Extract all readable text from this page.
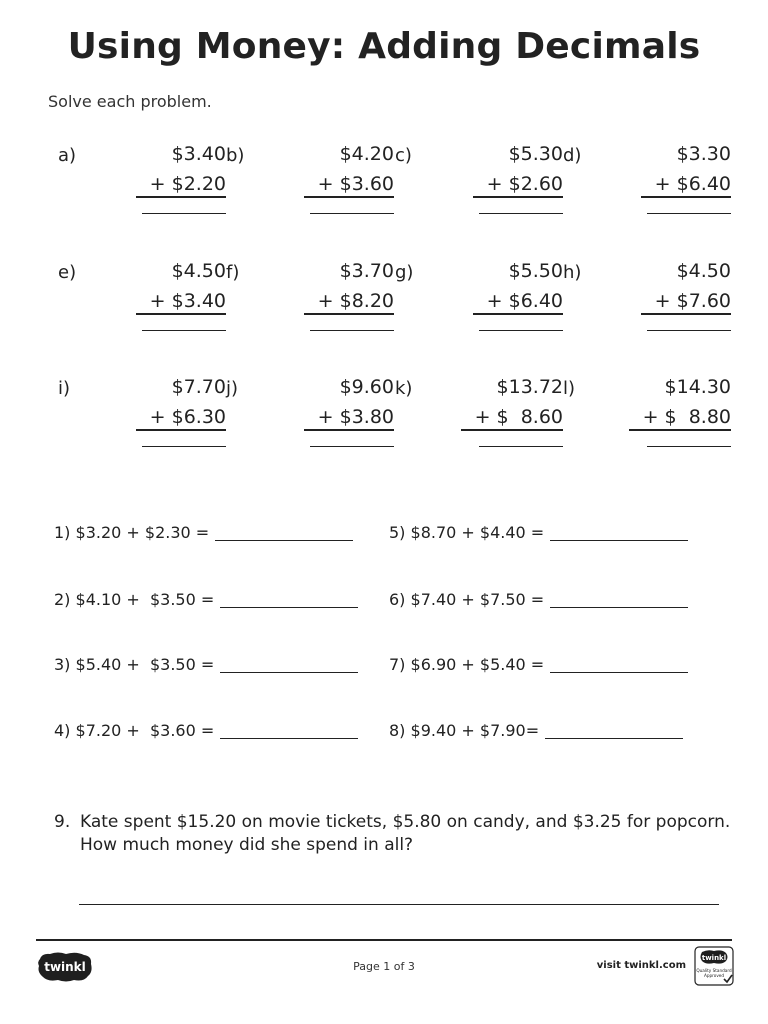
Using Money: Adding Decimals
Solve each problem.
a)	$3.40
+ $2.20
b)	$4.20
+ $3.60
c)	$5.30
+ $2.60
d)	$3.30
+ $6.40
e)	$4.50
+ $3.40
f)	$3.70
+ $8.20
g)	$5.50
+ $6.40
h)	$4.50
+ $7.60
i)	$7.70
+ $6.30
j)	$9.60
+ $3.80
k)	$13.72
+ $  8.60
l)	$14.30
+ $  8.80
1) $3.20 + $2.30 =
2) $4.10 +  $3.50 =
3) $5.40 +  $3.50 =
4) $7.20 +  $3.60 =
5) $8.70 + $4.40 =
6) $7.40 + $7.50 =
7) $6.90 + $5.40 =
8) $9.40 + $7.90=
9. Kate spent $15.20 on movie tickets, $5.80 on candy, and $3.25 for popcorn.
How much money did she spend in all?
twinkl	Page 1 of 3	visit twinkl.com
twinkl
Quality Standard
Approved
